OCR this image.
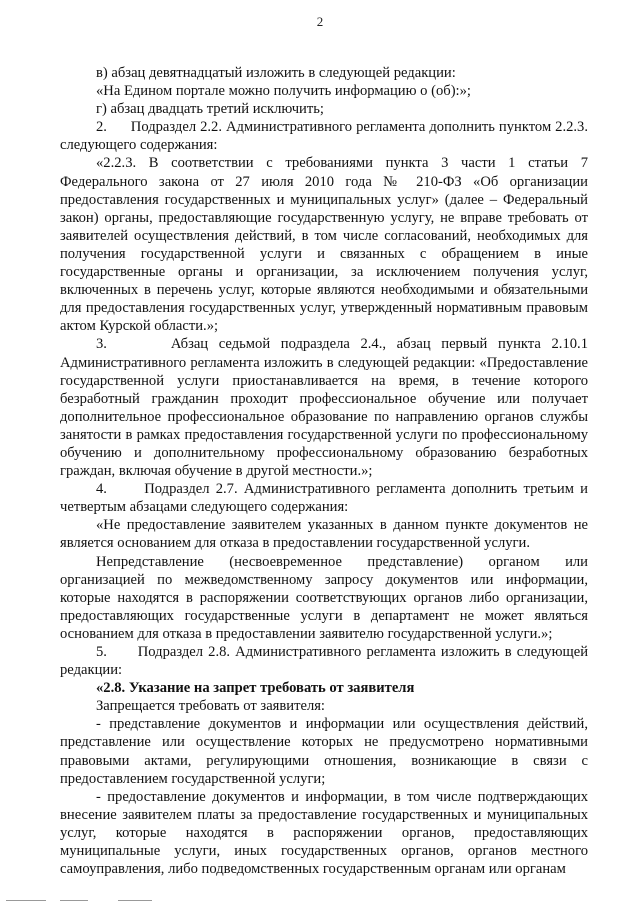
2

в) абзац девятнадцатый изложить в следующей редакции:

«На Едином портале можно получить информацию о (об):»;

г) абзац двадцать третий исключить;

2.      Подраздел 2.2. Административного регламента дополнить пунктом 2.2.3. следующего содержания:

«2.2.3. В соответствии с требованиями пункта 3 части 1 статьи 7 Федерального закона от 27 июля 2010 года № 210-ФЗ «Об организации предоставления государственных и муниципальных услуг» (далее – Федеральный закон) органы, предоставляющие государственную услугу, не вправе требовать от заявителей осуществления действий, в том числе согласований, необходимых для получения государственной услуги и связанных с обращением в иные государственные органы и организации, за исключением получения услуг, включенных в перечень услуг, которые являются необходимыми и обязательными для предоставления государственных услуг, утвержденный нормативным правовым актом Курской области.»;

3.      Абзац седьмой подраздела 2.4., абзац первый пункта 2.10.1 Административного регламента изложить в следующей редакции: «Предоставление государственной услуги приостанавливается на время, в течение которого безработный гражданин проходит профессиональное обучение или получает дополнительное профессиональное образование по направлению органов службы занятости в рамках предоставления государственной услуги по профессиональному обучению и дополнительному профессиональному образованию безработных граждан, включая обучение в другой местности.»;

4.      Подраздел 2.7. Административного регламента дополнить третьим и четвертым абзацами следующего содержания:

«Не предоставление заявителем указанных в данном пункте документов не является основанием для отказа в предоставлении государственной услуги.

Непредставление (несвоевременное представление) органом или организацией по межведомственному запросу документов или информации, которые находятся в распоряжении соответствующих органов либо организации, предоставляющих государственные услуги в департамент не может являться основанием для отказа в предоставлении заявителю государственной услуги.»;

5.      Подраздел 2.8. Административного регламента изложить в следующей редакции:

«2.8. Указание на запрет требовать от заявителя

Запрещается требовать от заявителя:

- представление документов и информации или осуществления действий, представление или осуществление которых не предусмотрено нормативными правовыми актами, регулирующими отношения, возникающие в связи с предоставлением государственной услуги;

- предоставление документов и информации, в том числе подтверждающих внесение заявителем платы за предоставление государственных и муниципальных услуг, которые находятся в распоряжении органов, предоставляющих муниципальные услуги, иных государственных органов, органов местного самоуправления, либо подведомственных государственным органам или органам
